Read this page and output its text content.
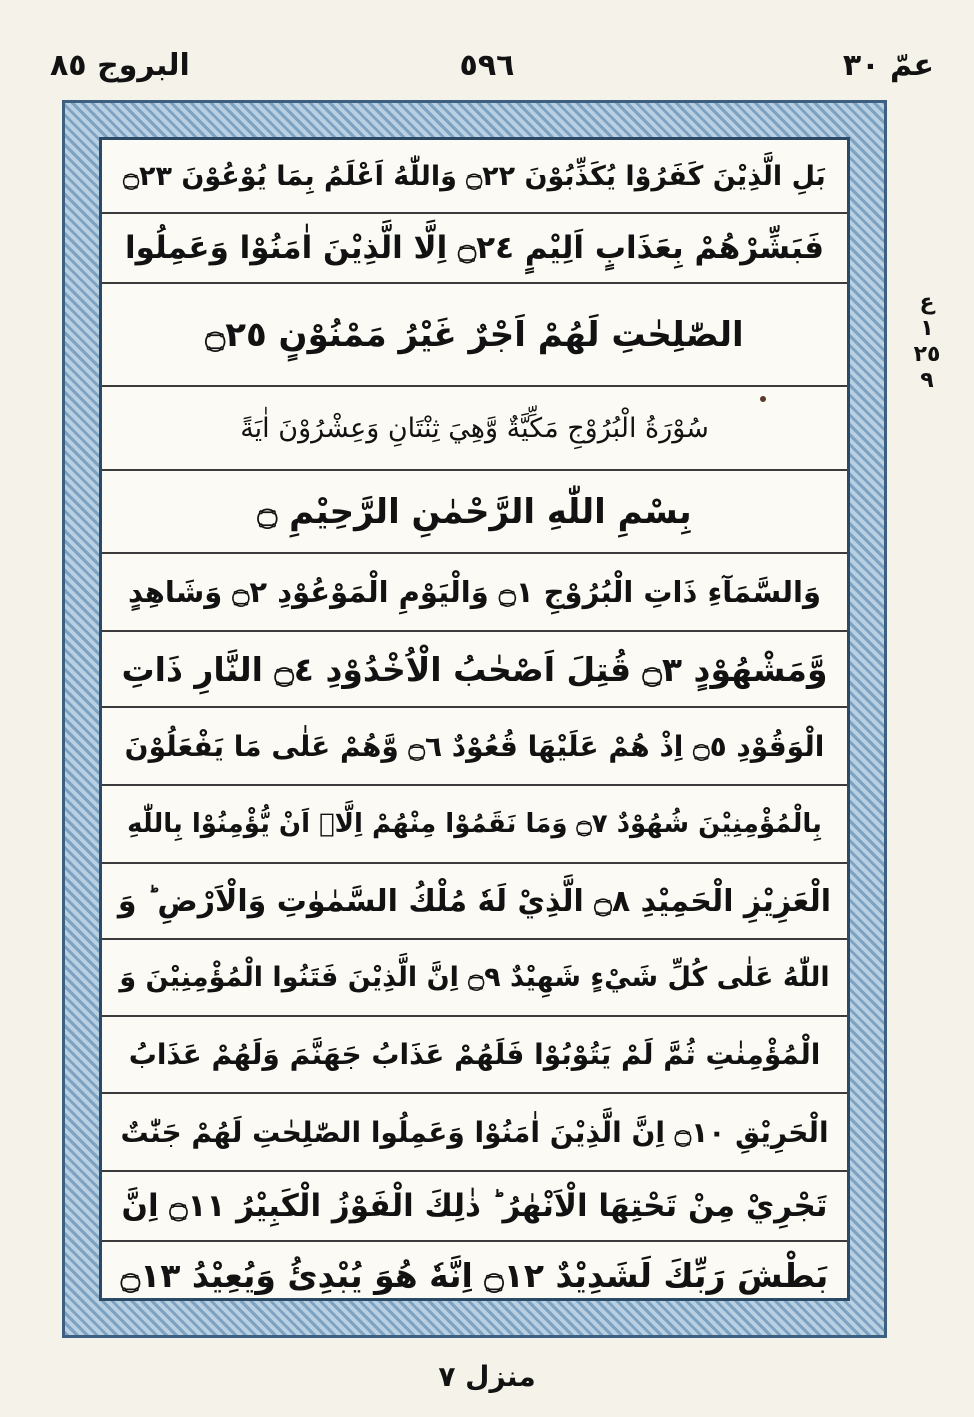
عمّ ٣٠
٥٩٦
البروج ٨٥
بَلِ الَّذِيْنَ كَفَرُوْا يُكَذِّبُوْنَ ۝٢٢ وَاللّٰهُ اَعْلَمُ بِمَا يُوْعُوْنَ ۝٢٣
فَبَشِّرْهُمْ بِعَذَابٍ اَلِيْمٍ ۝٢٤ اِلَّا الَّذِيْنَ اٰمَنُوْا وَعَمِلُوا
الصّٰلِحٰتِ لَهُمْ اَجْرٌ غَيْرُ مَمْنُوْنٍ ۝٢٥
سُوْرَةُ الْبُرُوْجِ مَكِّيَّةٌ وَّهِيَ ثِنْتَانِ وَعِشْرُوْنَ اٰيَةً
بِسْمِ اللّٰهِ الرَّحْمٰنِ الرَّحِيْمِ ۝
وَالسَّمَآءِ ذَاتِ الْبُرُوْجِ ۝١ وَالْيَوْمِ الْمَوْعُوْدِ ۝٢ وَشَاهِدٍ
وَّمَشْهُوْدٍ ۝٣ قُتِلَ اَصْحٰبُ الْاُخْدُوْدِ ۝٤ النَّارِ ذَاتِ
الْوَقُوْدِ ۝٥ اِذْ هُمْ عَلَيْهَا قُعُوْدٌ ۝٦ وَّهُمْ عَلٰى مَا يَفْعَلُوْنَ
بِالْمُؤْمِنِيْنَ شُهُوْدٌ ۝٧ وَمَا نَقَمُوْا مِنْهُمْ اِلَّاۤ اَنْ يُّؤْمِنُوْا بِاللّٰهِ
الْعَزِيْزِ الْحَمِيْدِ ۝٨ الَّذِيْ لَهٗ مُلْكُ السَّمٰوٰتِ وَالْاَرْضِ ؕ وَ
اللّٰهُ عَلٰى كُلِّ شَيْءٍ شَهِيْدٌ ۝٩ اِنَّ الَّذِيْنَ فَتَنُوا الْمُؤْمِنِيْنَ وَ
الْمُؤْمِنٰتِ ثُمَّ لَمْ يَتُوْبُوْا فَلَهُمْ عَذَابُ جَهَنَّمَ وَلَهُمْ عَذَابُ
الْحَرِيْقِ ۝١٠ اِنَّ الَّذِيْنَ اٰمَنُوْا وَعَمِلُوا الصّٰلِحٰتِ لَهُمْ جَنّٰتٌ
تَجْرِيْ مِنْ تَحْتِهَا الْاَنْهٰرُ ؕ ذٰلِكَ الْفَوْزُ الْكَبِيْرُ ۝١١ اِنَّ
بَطْشَ رَبِّكَ لَشَدِيْدٌ ۝١٢ اِنَّهٗ هُوَ يُبْدِئُ وَيُعِيْدُ ۝١٣
ع ١ ٢٥ ٩
منزل ٧
